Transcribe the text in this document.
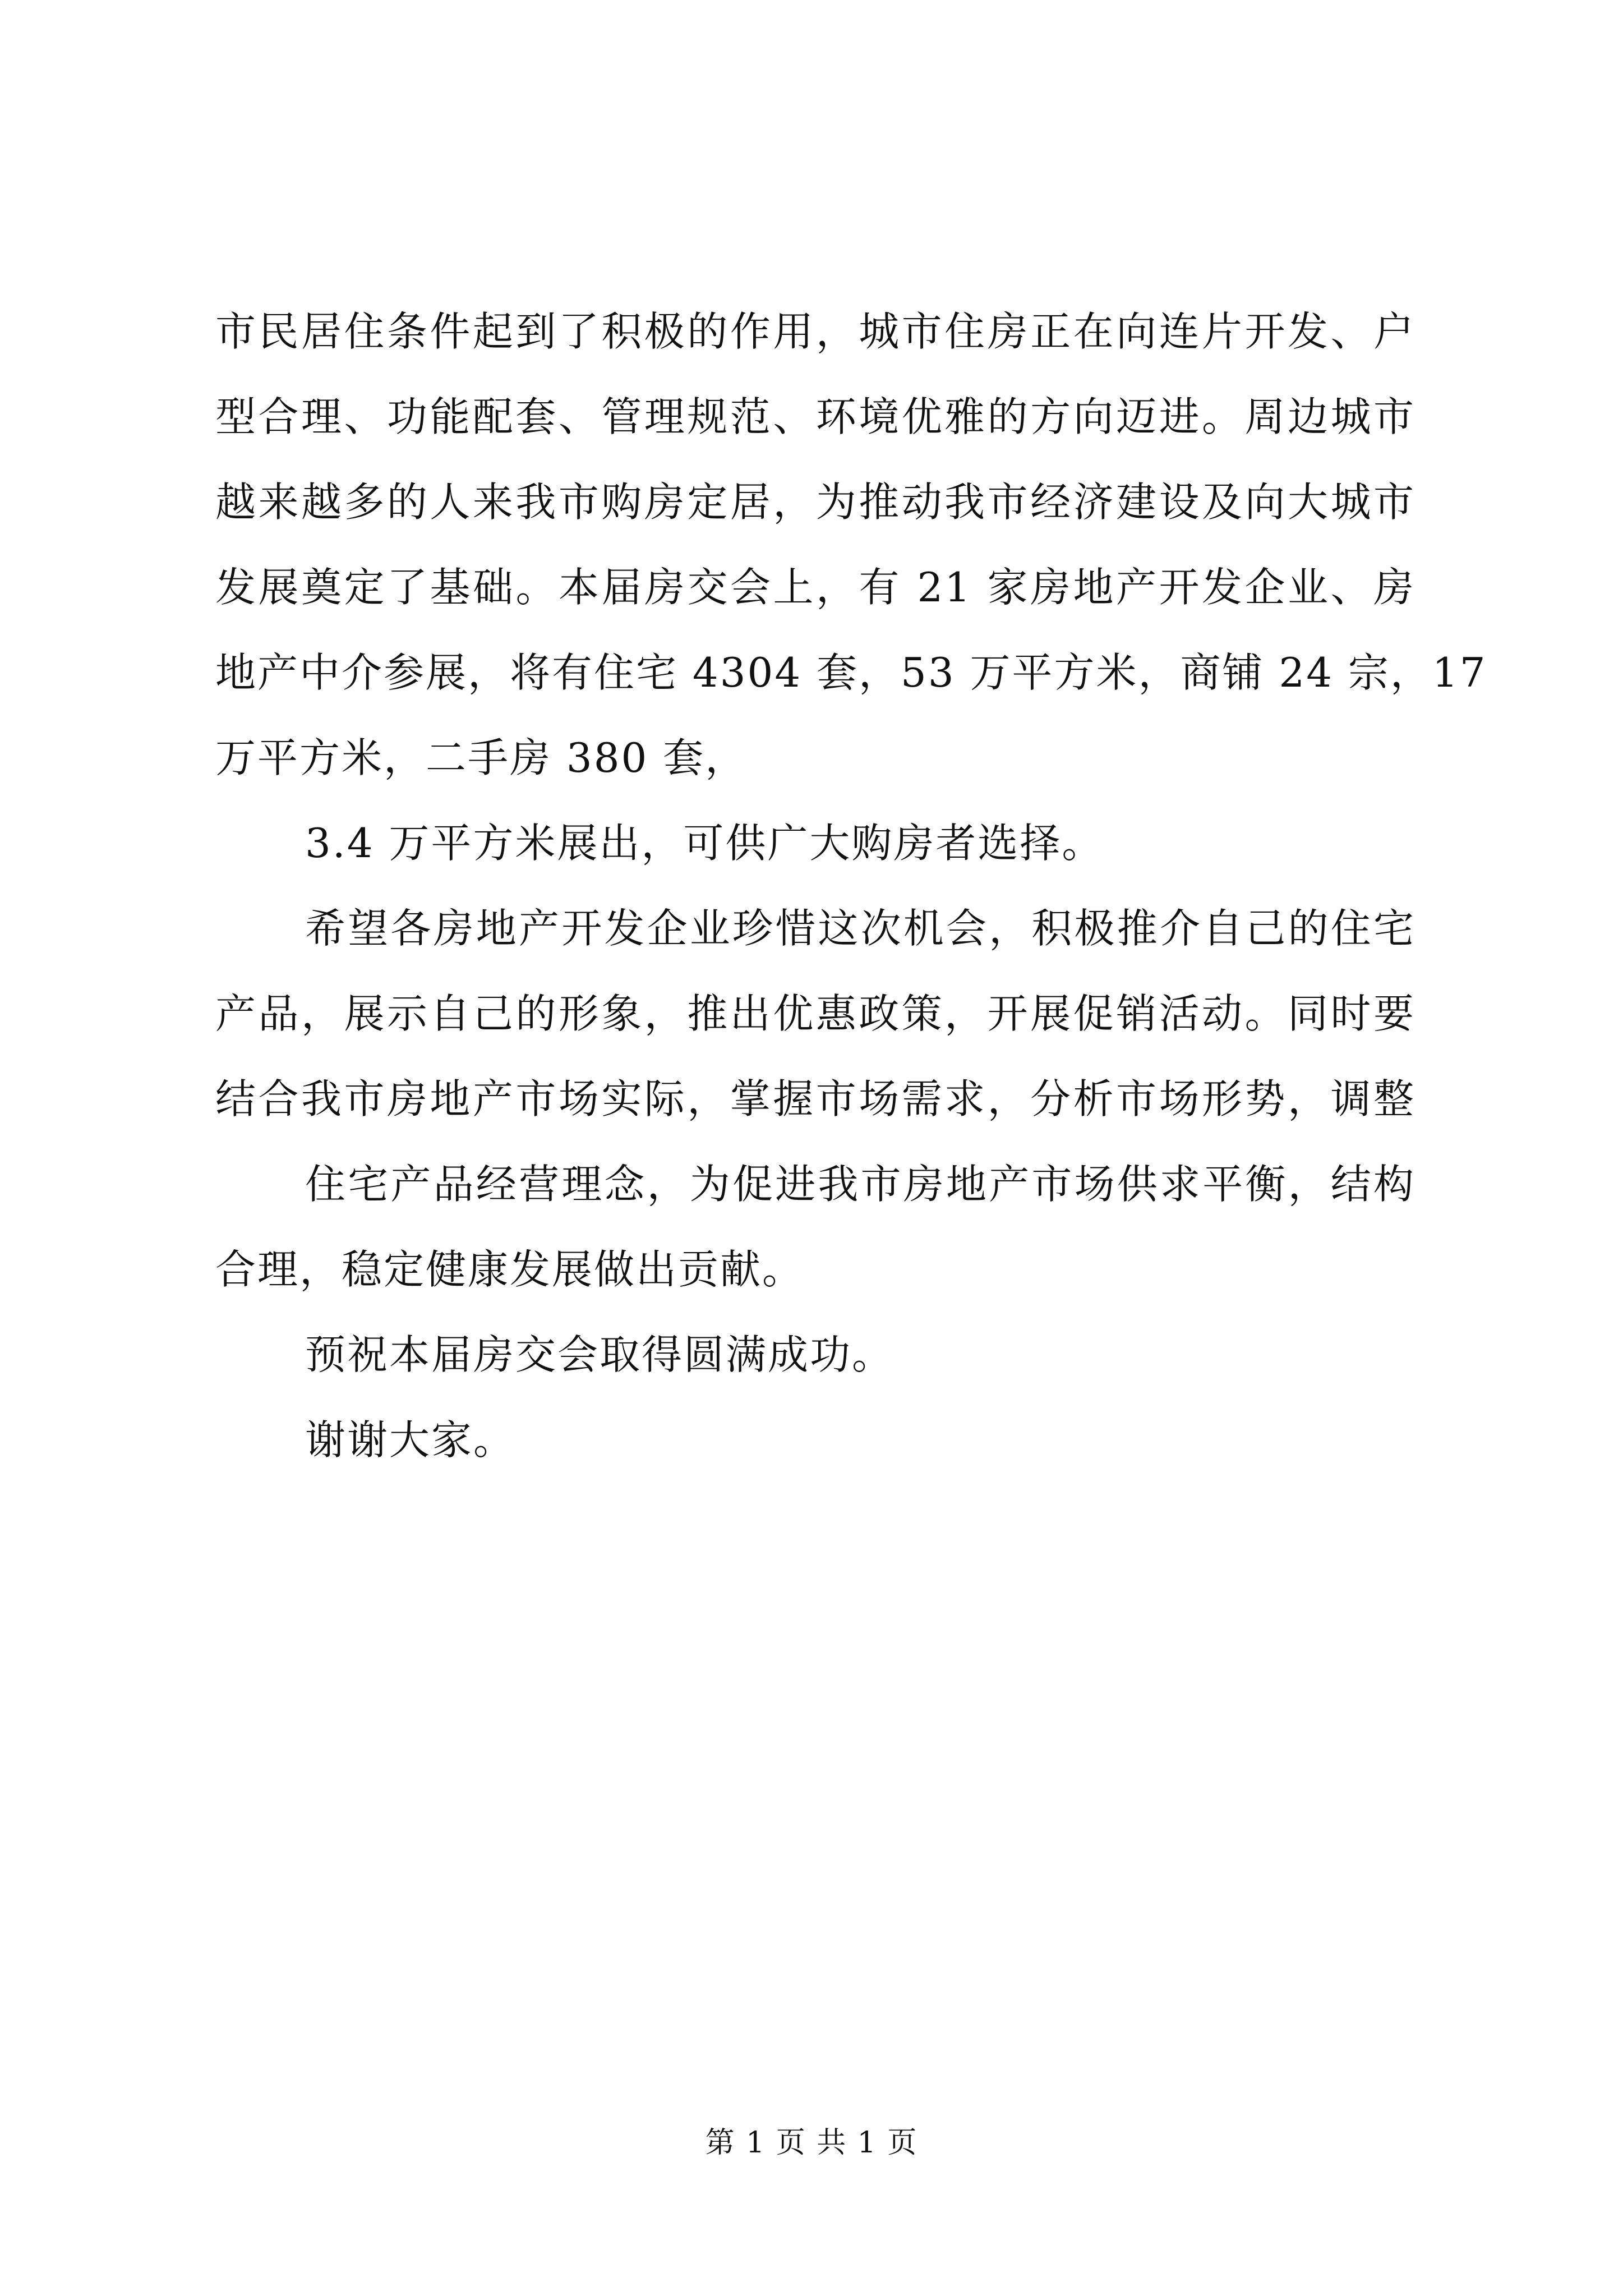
市民居住条件起到了积极的作用，城市住房正在向连片开发、户
型合理、功能配套、管理规范、环境优雅的方向迈进。周边城市
越来越多的人来我市购房定居，为推动我市经济建设及向大城市
发展奠定了基础。本届房交会上，有 21 家房地产开发企业、房
地产中介参展，将有住宅 4304 套，53 万平方米，商铺 24 宗，17
万平方米，二手房 380 套，
3.4 万平方米展出，可供广大购房者选择。
希望各房地产开发企业珍惜这次机会，积极推介自己的住宅
产品，展示自己的形象，推出优惠政策，开展促销活动。同时要
结合我市房地产市场实际，掌握市场需求，分析市场形势，调整
住宅产品经营理念，为促进我市房地产市场供求平衡，结构
合理，稳定健康发展做出贡献。
预祝本届房交会取得圆满成功。
谢谢大家。
第 1 页 共 1 页
